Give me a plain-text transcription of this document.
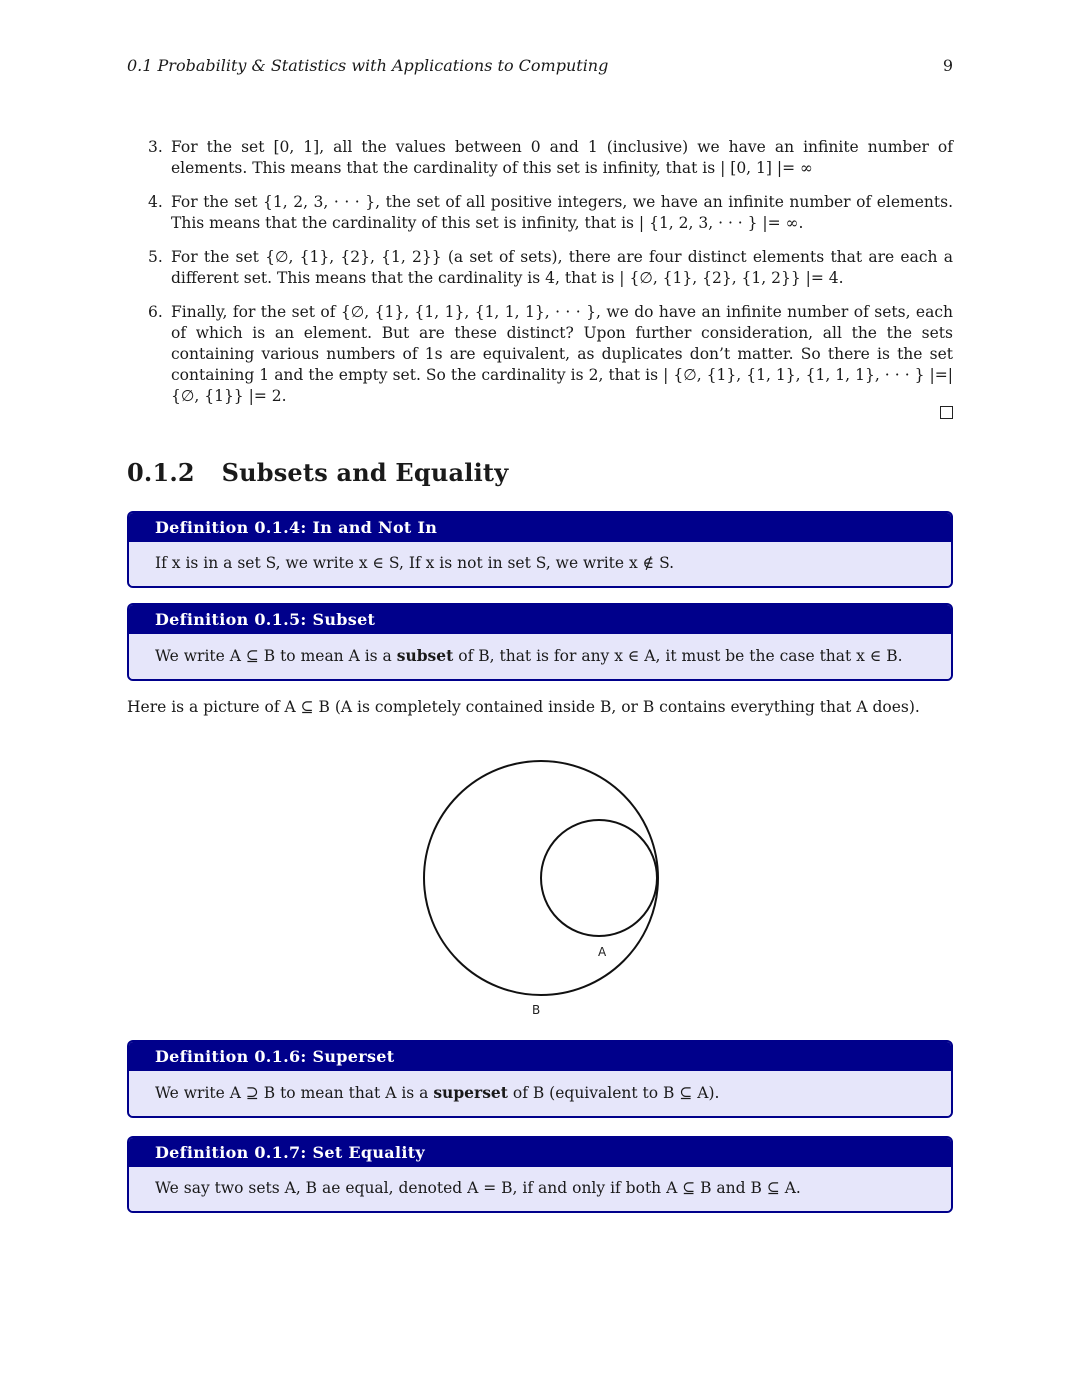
0.1 Probability & Statistics with Applications to Computing	9
3. For the set [0, 1], all the values between 0 and 1 (inclusive) we have an infinite number of elements. This means that the cardinality of this set is infinity, that is | [0, 1] |= ∞
4. For the set {1, 2, 3, · · · }, the set of all positive integers, we have an infinite number of elements. This means that the cardinality of this set is infinity, that is | {1, 2, 3, · · · } |= ∞.
5. For the set {∅, {1}, {2}, {1, 2}} (a set of sets), there are four distinct elements that are each a different set. This means that the cardinality is 4, that is | {∅, {1}, {2}, {1, 2}} |= 4.
6. Finally, for the set of {∅, {1}, {1, 1}, {1, 1, 1}, · · · }, we do have an infinite number of sets, each of which is an element. But are these distinct? Upon further consideration, all the the sets containing various numbers of 1s are equivalent, as duplicates don’t matter. So there is the set containing 1 and the empty set. So the cardinality is 2, that is | {∅, {1}, {1, 1}, {1, 1, 1}, · · · } |=| {∅, {1}} |= 2.
0.1.2 Subsets and Equality
Definition 0.1.4: In and Not In
If x is in a set S, we write x ∈ S, If x is not in set S, we write x ∉ S.
Definition 0.1.5: Subset
We write A ⊆ B to mean A is a subset of B, that is for any x ∈ A, it must be the case that x ∈ B.
Here is a picture of A ⊆ B (A is completely contained inside B, or B contains everything that A does).
A
B
Definition 0.1.6: Superset
We write A ⊇ B to mean that A is a superset of B (equivalent to B ⊆ A).
Definition 0.1.7: Set Equality
We say two sets A, B ae equal, denoted A = B, if and only if both A ⊆ B and B ⊆ A.
